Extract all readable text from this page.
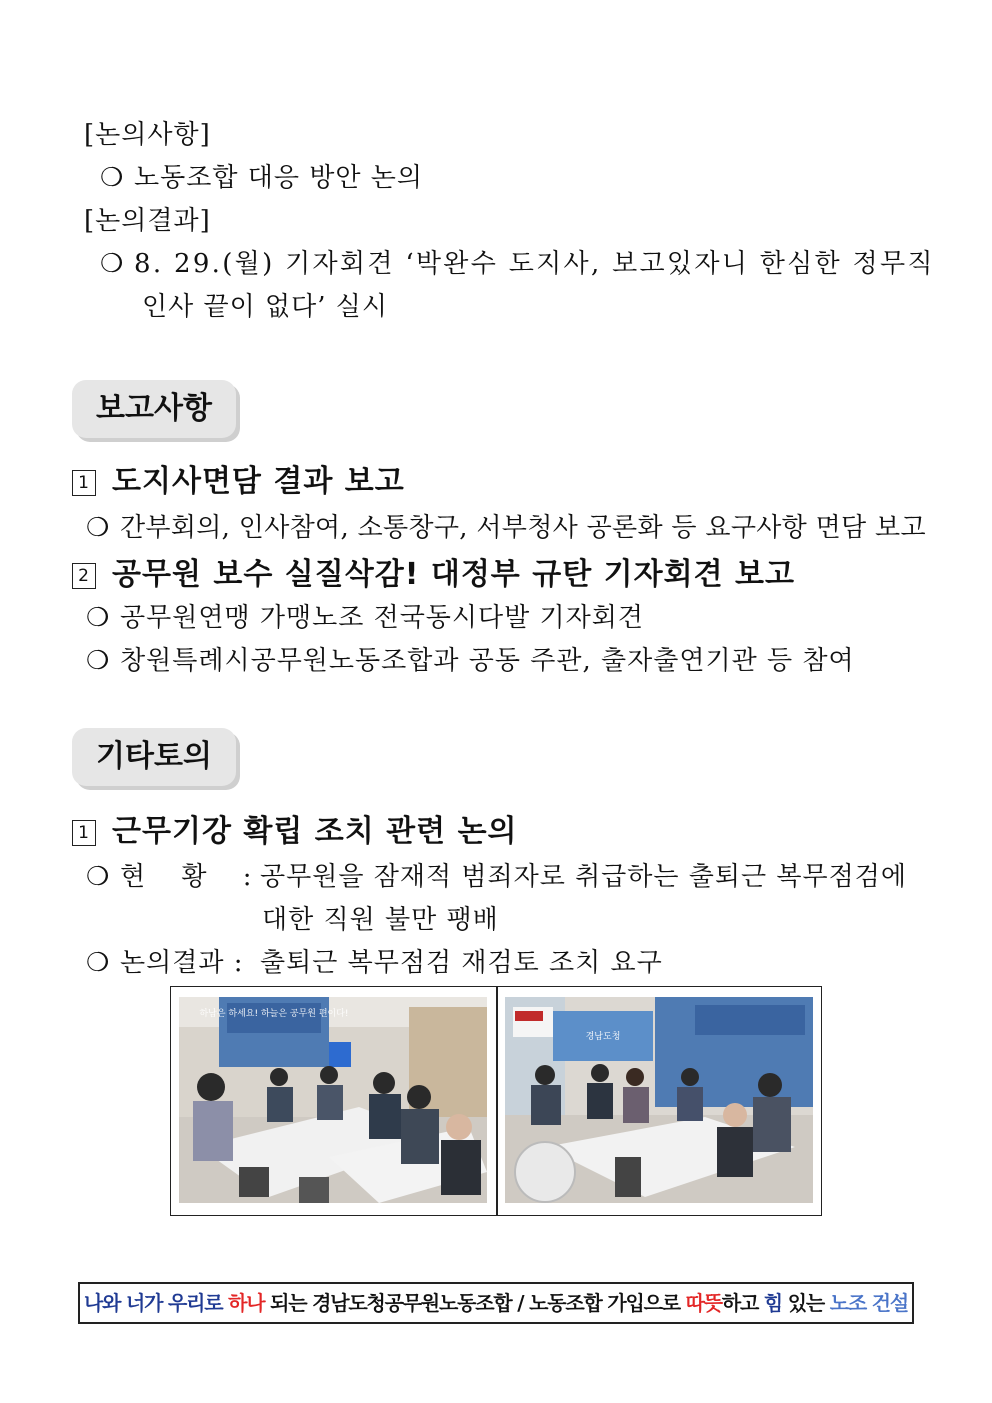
[논의사항]
❍ 노동조합 대응 방안 논의
[논의결과]
❍ 8. 29.(월) 기자회견 ‘박완수 도지사, 보고있자니 한심한 정무직
인사 끝이 없다’ 실시
보고사항
1 도지사면담 결과 보고
❍ 간부회의, 인사참여, 소통창구, 서부청사 공론화 등 요구사항 면담 보고
2 공무원 보수 실질삭감! 대정부 규탄 기자회견 보고
❍ 공무원연맹 가맹노조 전국동시다발 기자회견
❍ 창원특례시공무원노동조합과 공동 주관, 출자출연기관 등 참여
기타토의
1 근무기강 확립 조치 관련 논의
❍ 현 황 : 공무원을 잠재적 범죄자로 취급하는 출퇴근 복무점검에
대한 직원 불만 팽배
❍ 논의결과 : 출퇴근 복무점검 재검토 조치 요구
하남은 하세요! 하늘은 공무원 편이다!
경남도청
나와 너가 우리로 하나 되는 경남도청공무원노동조합 / 노동조합 가입으로 따뜻하고 힘 있는 노조 건설
